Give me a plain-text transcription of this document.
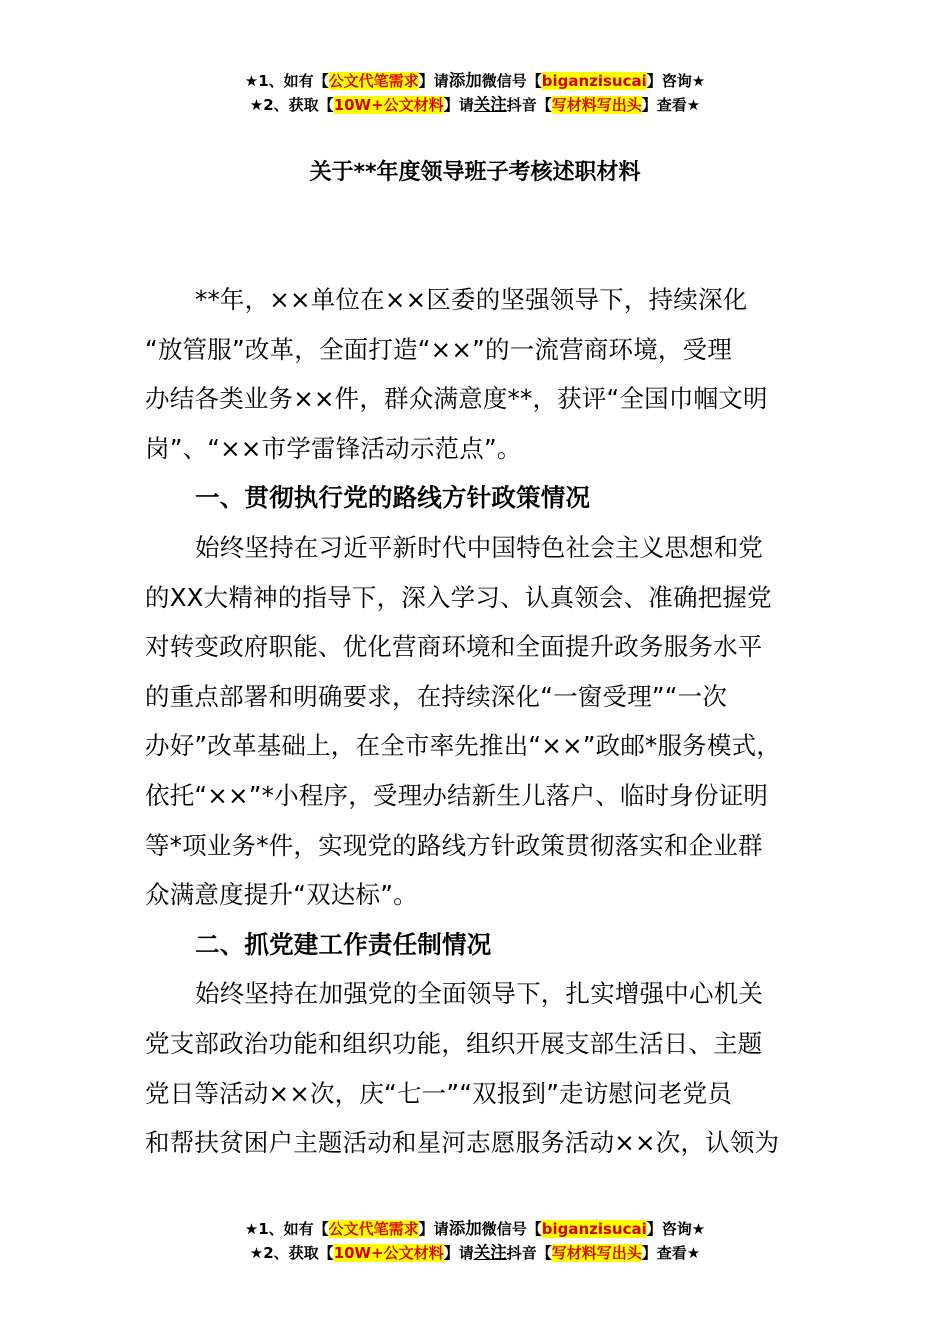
★1、如有【公文代笔需求】请添加微信号【biganzisucai】咨询★
★2、获取【10W+公文材料】请关注抖音【写材料写出头】查看★
关于**年度领导班子考核述职材料
**年，××单位在××区委的坚强领导下，持续深化
“放管服”改革，全面打造“××”的一流营商环境，受理
办结各类业务××件，群众满意度**，获评“全国巾帼文明
岗”、“××市学雷锋活动示范点”。
一、贯彻执行党的路线方针政策情况
始终坚持在习近平新时代中国特色社会主义思想和党
的XX大精神的指导下，深入学习、认真领会、准确把握党
对转变政府职能、优化营商环境和全面提升政务服务水平
的重点部署和明确要求，在持续深化“一窗受理”“一次
办好”改革基础上，在全市率先推出“××”政邮*服务模式，
依托“××”*小程序，受理办结新生儿落户、临时身份证明
等*项业务*件，实现党的路线方针政策贯彻落实和企业群
众满意度提升“双达标”。
二、抓党建工作责任制情况
始终坚持在加强党的全面领导下，扎实增强中心机关
党支部政治功能和组织功能，组织开展支部生活日、主题
党日等活动××次，庆“七一”“双报到”走访慰问老党员
和帮扶贫困户主题活动和星河志愿服务活动××次，认领为
★1、如有【公文代笔需求】请添加微信号【biganzisucai】咨询★
★2、获取【10W+公文材料】请关注抖音【写材料写出头】查看★
